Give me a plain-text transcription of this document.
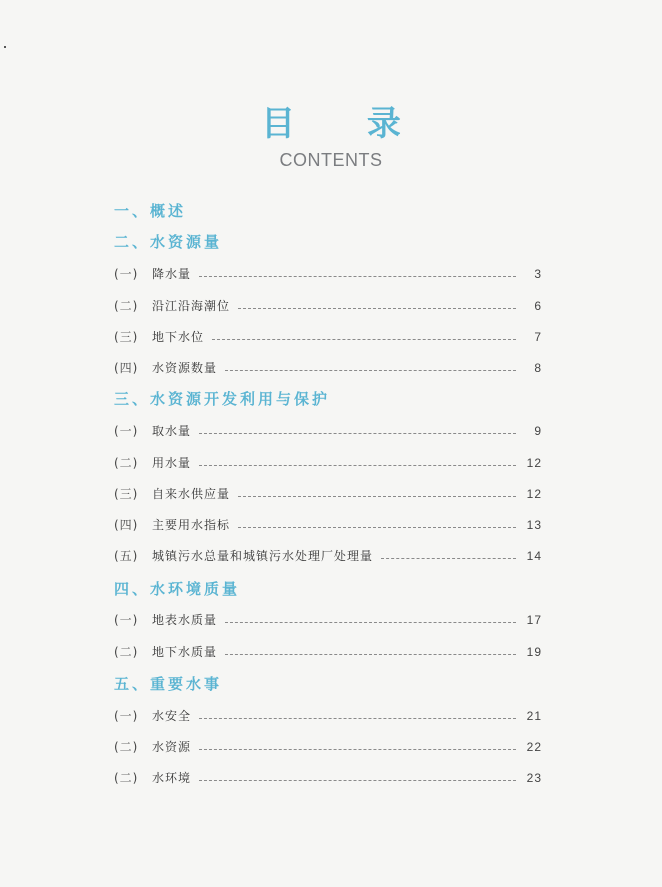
目 录
CONTENTS
一、概述
二、水资源量
(一)	降水量	3
(二)	沿江沿海潮位	6
(三)	地下水位	7
(四)	水资源数量	8
三、水资源开发利用与保护
(一)	取水量	9
(二)	用水量	12
(三)	自来水供应量	12
(四)	主要用水指标	13
(五)	城镇污水总量和城镇污水处理厂处理量	14
四、水环境质量
(一)	地表水质量	17
(二)	地下水质量	19
五、重要水事
(一)	水安全	21
(二)	水资源	22
(二)	水环境	23
